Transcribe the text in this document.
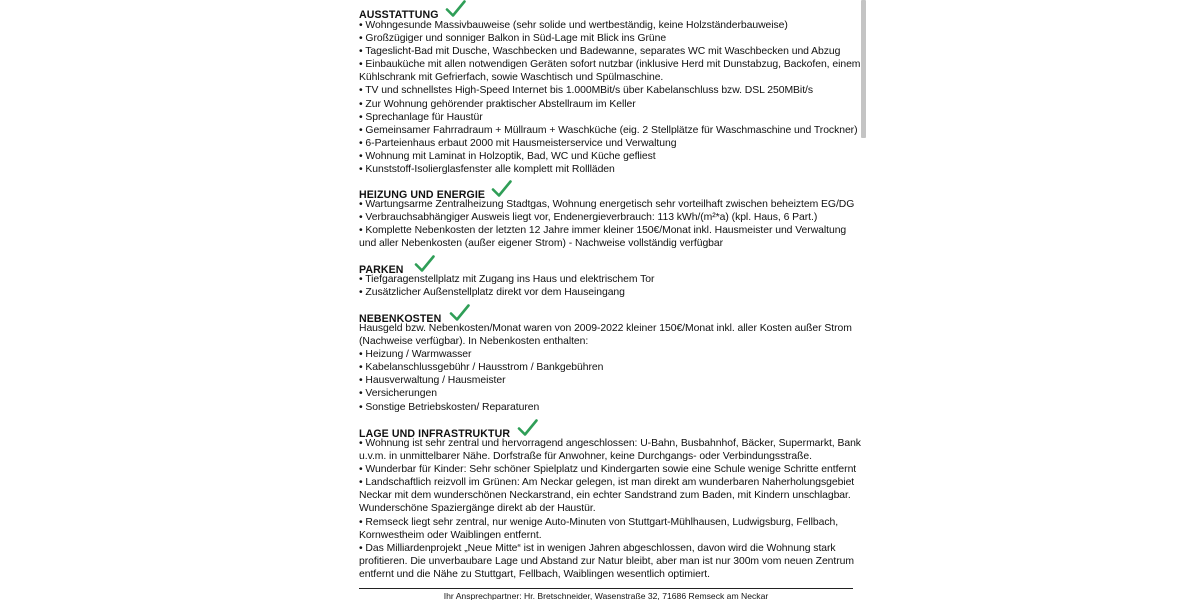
AUSSTATTUNG
• Wohngesunde Massivbauweise (sehr solide und wertbeständig, keine Holzständerbauweise)
• Großzügiger und sonniger Balkon in Süd-Lage mit Blick ins Grüne
• Tageslicht-Bad mit Dusche, Waschbecken und Badewanne, separates WC mit Waschbecken und Abzug
• Einbauküche mit allen notwendigen Geräten sofort nutzbar (inklusive Herd mit Dunstabzug, Backofen, einem
Kühlschrank mit Gefrierfach, sowie Waschtisch und Spülmaschine.
• TV und schnellstes High-Speed Internet bis 1.000MBit/s über Kabelanschluss bzw. DSL 250MBit/s
• Zur Wohnung gehörender praktischer Abstellraum im Keller
• Sprechanlage für Haustür
• Gemeinsamer Fahrradraum + Müllraum + Waschküche (eig. 2 Stellplätze für Waschmaschine und Trockner)
• 6-Parteienhaus erbaut 2000 mit Hausmeisterservice und Verwaltung
• Wohnung mit Laminat in Holzoptik, Bad, WC und Küche gefliest
• Kunststoff-Isolierglasfenster alle komplett mit Rollläden
HEIZUNG UND ENERGIE
• Wartungsarme Zentralheizung Stadtgas, Wohnung energetisch sehr vorteilhaft zwischen beheiztem EG/DG
• Verbrauchsabhängiger Ausweis liegt vor, Endenergieverbrauch: 113 kWh/(m²*a) (kpl. Haus, 6 Part.)
• Komplette Nebenkosten der letzten 12 Jahre immer kleiner 150€/Monat inkl. Hausmeister und Verwaltung
und aller Nebenkosten (außer eigener Strom) - Nachweise vollständig verfügbar
PARKEN
• Tiefgaragenstellplatz mit Zugang ins Haus und elektrischem Tor
• Zusätzlicher Außenstellplatz direkt vor dem Hauseingang
NEBENKOSTEN
Hausgeld bzw. Nebenkosten/Monat waren von 2009-2022 kleiner 150€/Monat inkl. aller Kosten außer Strom
(Nachweise verfügbar). In Nebenkosten enthalten:
• Heizung / Warmwasser
• Kabelanschlussgebühr / Hausstrom / Bankgebühren
• Hausverwaltung / Hausmeister
• Versicherungen
• Sonstige Betriebskosten/ Reparaturen
LAGE UND INFRASTRUKTUR
• Wohnung ist sehr zentral und hervorragend angeschlossen: U-Bahn, Busbahnhof, Bäcker, Supermarkt, Bank
u.v.m. in unmittelbarer Nähe. Dorfstraße für Anwohner, keine Durchgangs- oder Verbindungsstraße.
• Wunderbar für Kinder: Sehr schöner Spielplatz und Kindergarten sowie eine Schule wenige Schritte entfernt
• Landschaftlich reizvoll im Grünen: Am Neckar gelegen, ist man direkt am wunderbaren Naherholungsgebiet
Neckar mit dem wunderschönen Neckarstrand, ein echter Sandstrand zum Baden, mit Kindern unschlagbar.
Wunderschöne Spaziergänge direkt ab der Haustür.
• Remseck liegt sehr zentral, nur wenige Auto-Minuten von Stuttgart-Mühlhausen, Ludwigsburg, Fellbach,
Kornwestheim oder Waiblingen entfernt.
• Das Milliardenprojekt „Neue Mitte“ ist in wenigen Jahren abgeschlossen, davon wird die Wohnung stark
profitieren. Die unverbaubare Lage und Abstand zur Natur bleibt, aber man ist nur 300m vom neuen Zentrum
entfernt und die Nähe zu Stuttgart, Fellbach, Waiblingen wesentlich optimiert.
Ihr Ansprechpartner: Hr. Bretschneider, Wasenstraße 32, 71686 Remseck am Neckar
